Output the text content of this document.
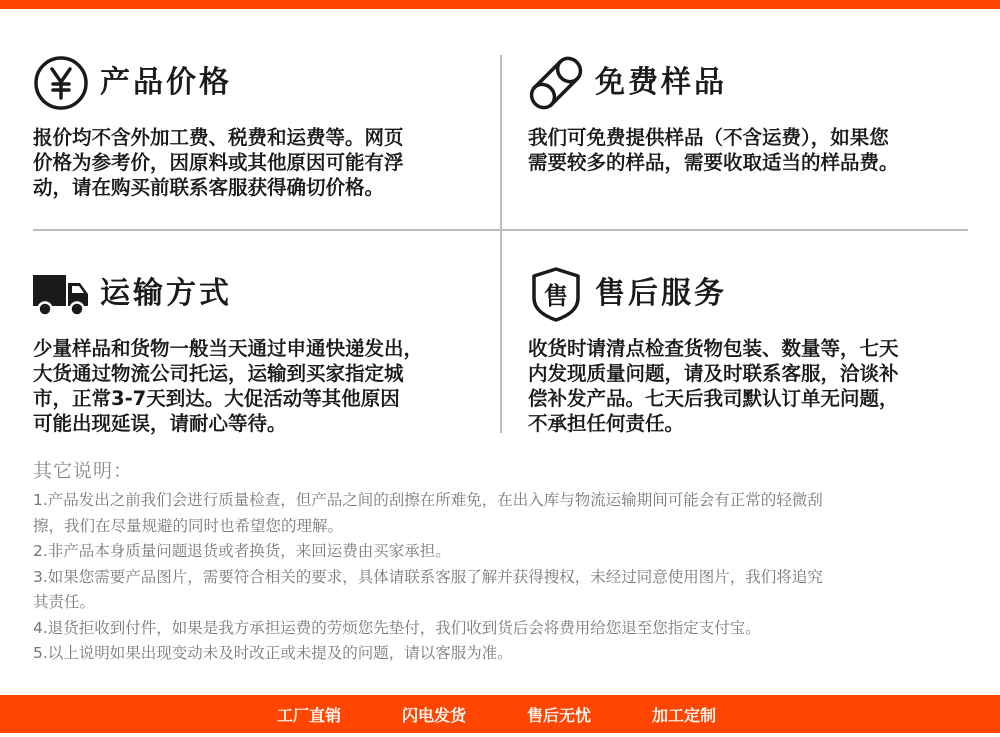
产品价格
报价均不含外加工费、税费和运费等。网页
价格为参考价，因原料或其他原因可能有浮
动，请在购买前联系客服获得确切价格。
免费样品
我们可免费提供样品（不含运费），如果您
需要较多的样品，需要收取适当的样品费。
运输方式
少量样品和货物一般当天通过申通快递发出，
大货通过物流公司托运，运输到买家指定城
市，正常3-7天到达。大促活动等其他原因
可能出现延误，请耐心等待。
售 售后服务
收货时请清点检查货物包装、数量等，七天
内发现质量问题，请及时联系客服，洽谈补
偿补发产品。七天后我司默认订单无问题，
不承担任何责任。
其它说明：
1.产品发出之前我们会进行质量检查，但产品之间的刮擦在所难免，在出入库与物流运输期间可能会有正常的轻微刮
擦，我们在尽量规避的同时也希望您的理解。
2.非产品本身质量问题退货或者换货，来回运费由买家承担。
3.如果您需要产品图片，需要符合相关的要求，具体请联系客服了解并获得搜权，未经过同意使用图片，我们将追究
其责任。
4.退货拒收到付件，如果是我方承担运费的劳烦您先垫付，我们收到货后会将费用给您退至您指定支付宝。
5.以上说明如果出现变动未及时改正或未提及的问题，请以客服为准。
工厂直销	闪电发货	售后无忧	加工定制
